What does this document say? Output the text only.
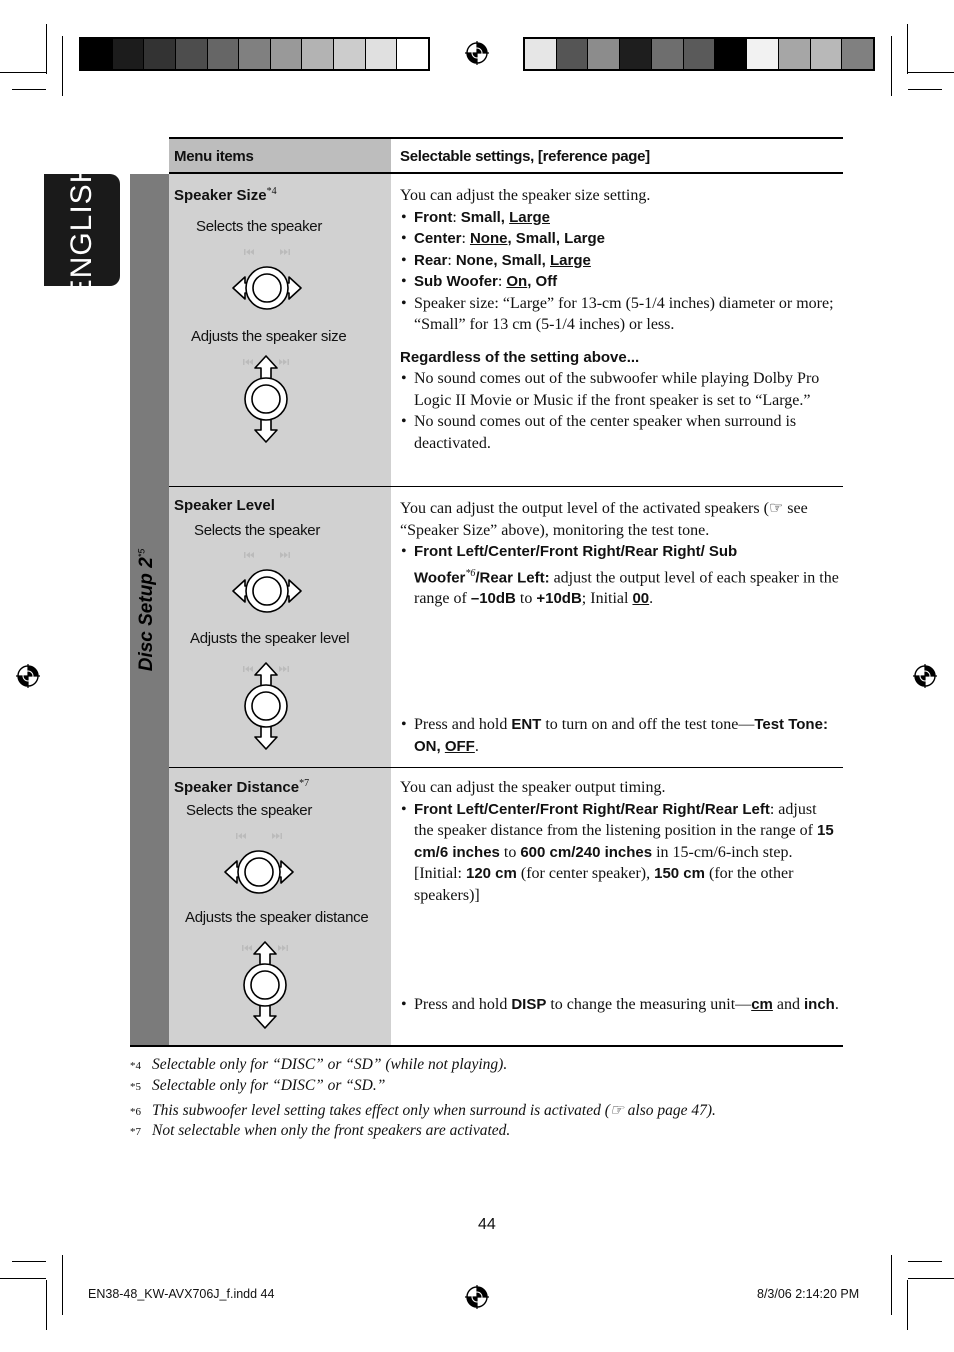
ENGLISH
Disc Setup 2$^{*5}$
Menu items	Selectable settings, [reference page]
Speaker Size$^{*4}$
Selects the speaker
Adjusts the speaker size

You can adjust the speaker size setting.

• Front: Small, Large
• Center: None, Small, Large
• Rear: None, Small, Large
• Sub Woofer: On, Off
• Speaker size: “Large” for 13-cm (5-1/4 inches) diameter or more; “Small” for 13 cm (5-1/4 inches) or less.

Regardless of the setting above...

• No sound comes out of the subwoofer while playing Dolby Pro Logic II Movie or Music if the front speaker is set to “Large.”
• No sound comes out of the center speaker when surround is deactivated.
Speaker Level
Selects the speaker
Adjusts the speaker level

You can adjust the output level of the activated speakers (☞ see “Speaker Size” above), monitoring the test tone.

• Front Left/Center/Front Right/Rear Right/ Sub Woofer$^{*6}$/Rear Left: adjust the output level of each speaker in the range of –10dB to +10dB; Initial 00.
• Press and hold ENT to turn on and off the test tone—Test Tone: ON, OFF.
Speaker Distance$^{*7}$
Selects the speaker
Adjusts the speaker distance

You can adjust the speaker output timing.

• Front Left/Center/Front Right/Rear Right/Rear Left: adjust the speaker distance from the listening position in the range of 15 cm/6 inches to 600 cm/240 inches in 15-cm/6-inch step. [Initial: 120 cm (for center speaker), 150 cm (for the other speakers)]
• Press and hold DISP to change the measuring unit—cm and inch.
*4 Selectable only for “DISC” or “SD” (while not playing).
*5 Selectable only for “DISC” or “SD.”
*6 This subwoofer level setting takes effect only when surround is activated (☞ also page 47).
*7 Not selectable when only the front speakers are activated.
44
EN38-48_KW-AVX706J_f.indd 44	8/3/06 2:14:20 PM
